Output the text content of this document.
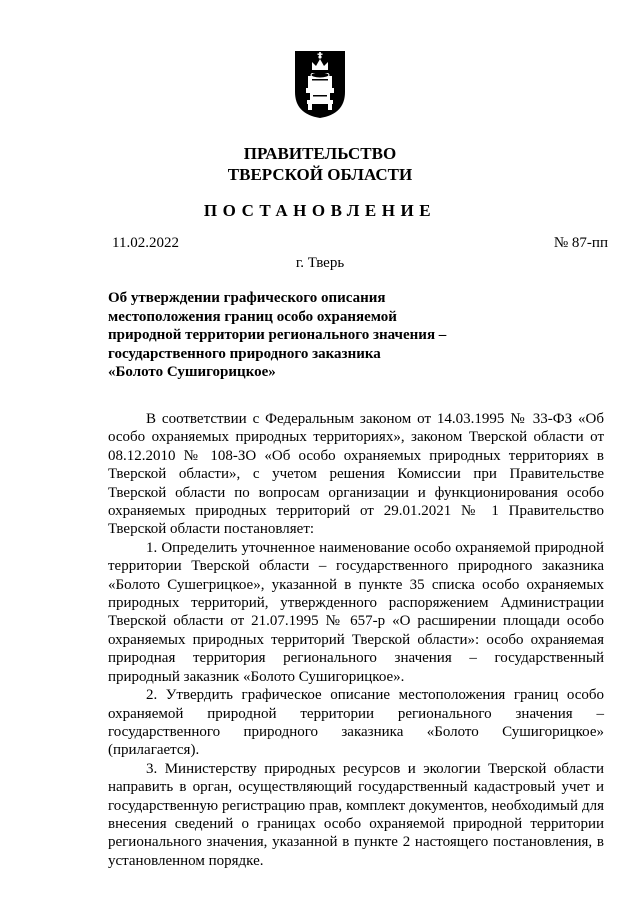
ПРАВИТЕЛЬСТВО
ТВЕРСКОЙ ОБЛАСТИ
ПОСТАНОВЛЕНИЕ
11.02.2022	№ 87-пп
г. Тверь
Об утверждении графического описания
местоположения границ особо охраняемой
природной территории регионального значения –
государственного природного заказника
«Болото Сушигорицкое»

В соответствии с Федеральным законом от 14.03.1995 № 33-ФЗ «Об особо охраняемых природных территориях», законом Тверской области от 08.12.2010 № 108-ЗО «Об особо охраняемых природных территориях в Тверской области», с учетом решения Комиссии при Правительстве Тверской области по вопросам организации и функционирования особо охраняемых природных территорий от 29.01.2021 № 1 Правительство Тверской области постановляет:

1. Определить уточненное наименование особо охраняемой природной территории Тверской области – государственного природного заказника «Болото Сушегрицкое», указанной в пункте 35 списка особо охраняемых природных территорий, утвержденного распоряжением Администрации Тверской области от 21.07.1995 № 657-р «О расширении площади особо охраняемых природных территорий Тверской области»: особо охраняемая природная территория регионального значения – государственный природный заказник «Болото Сушигорицкое».

2. Утвердить графическое описание местоположения границ особо охраняемой природной территории регионального значения – государственного природного заказника «Болото Сушигорицкое» (прилагается).

3. Министерству природных ресурсов и экологии Тверской области направить в орган, осуществляющий государственный кадастровый учет и государственную регистрацию прав, комплект документов, необходимый для внесения сведений о границах особо охраняемой природной территории регионального значения, указанной в пункте 2 настоящего постановления, в установленном порядке.
